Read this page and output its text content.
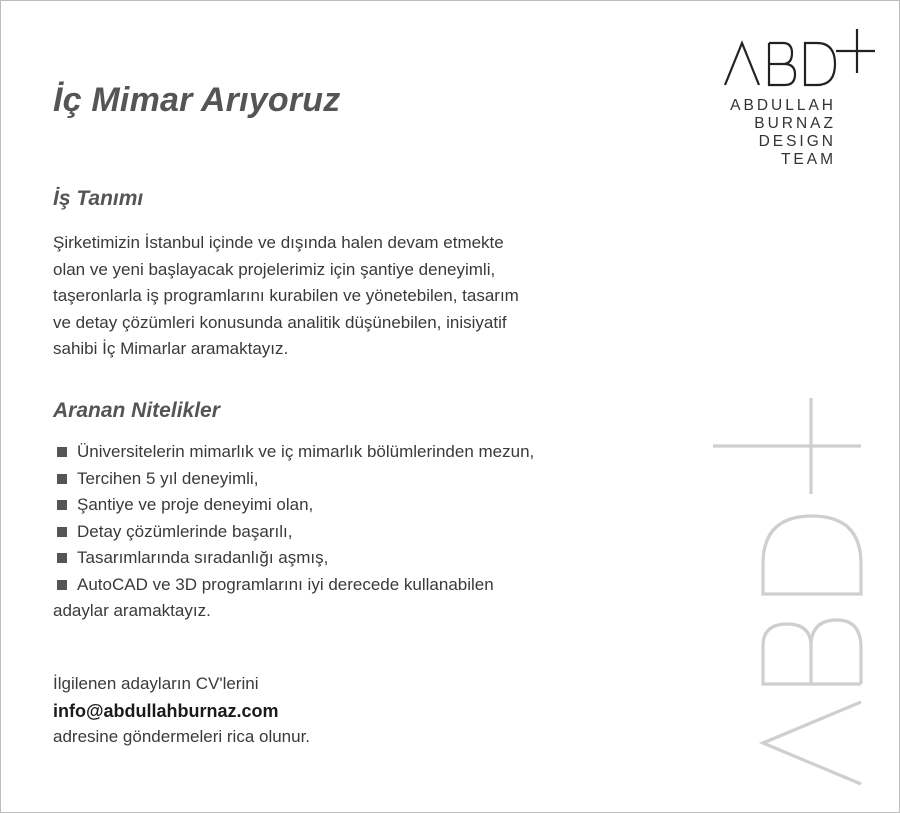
İç Mimar Arıyoruz	ABDULLAH
BURNAZ
DESIGN
TEAM
İş Tanımı
Şirketimizin İstanbul içinde ve dışında halen devam etmekte
olan ve yeni başlayacak projelerimiz için şantiye deneyimli,
taşeronlarla iş programlarını kurabilen ve yönetebilen, tasarım
ve detay çözümleri konusunda analitik düşünebilen, inisiyatif
sahibi İç Mimarlar aramaktayız.
Aranan Nitelikler
Üniversitelerin mimarlık ve iç mimarlık bölümlerinden mezun,
Tercihen 5 yıl deneyimli,
Şantiye ve proje deneyimi olan,
Detay çözümlerinde başarılı,
Tasarımlarında sıradanlığı aşmış,
AutoCAD ve 3D programlarını iyi derecede kullanabilen
adaylar aramaktayız.
İlgilenen adayların CV'lerini
info@abdullahburnaz.com
adresine göndermeleri rica olunur.
